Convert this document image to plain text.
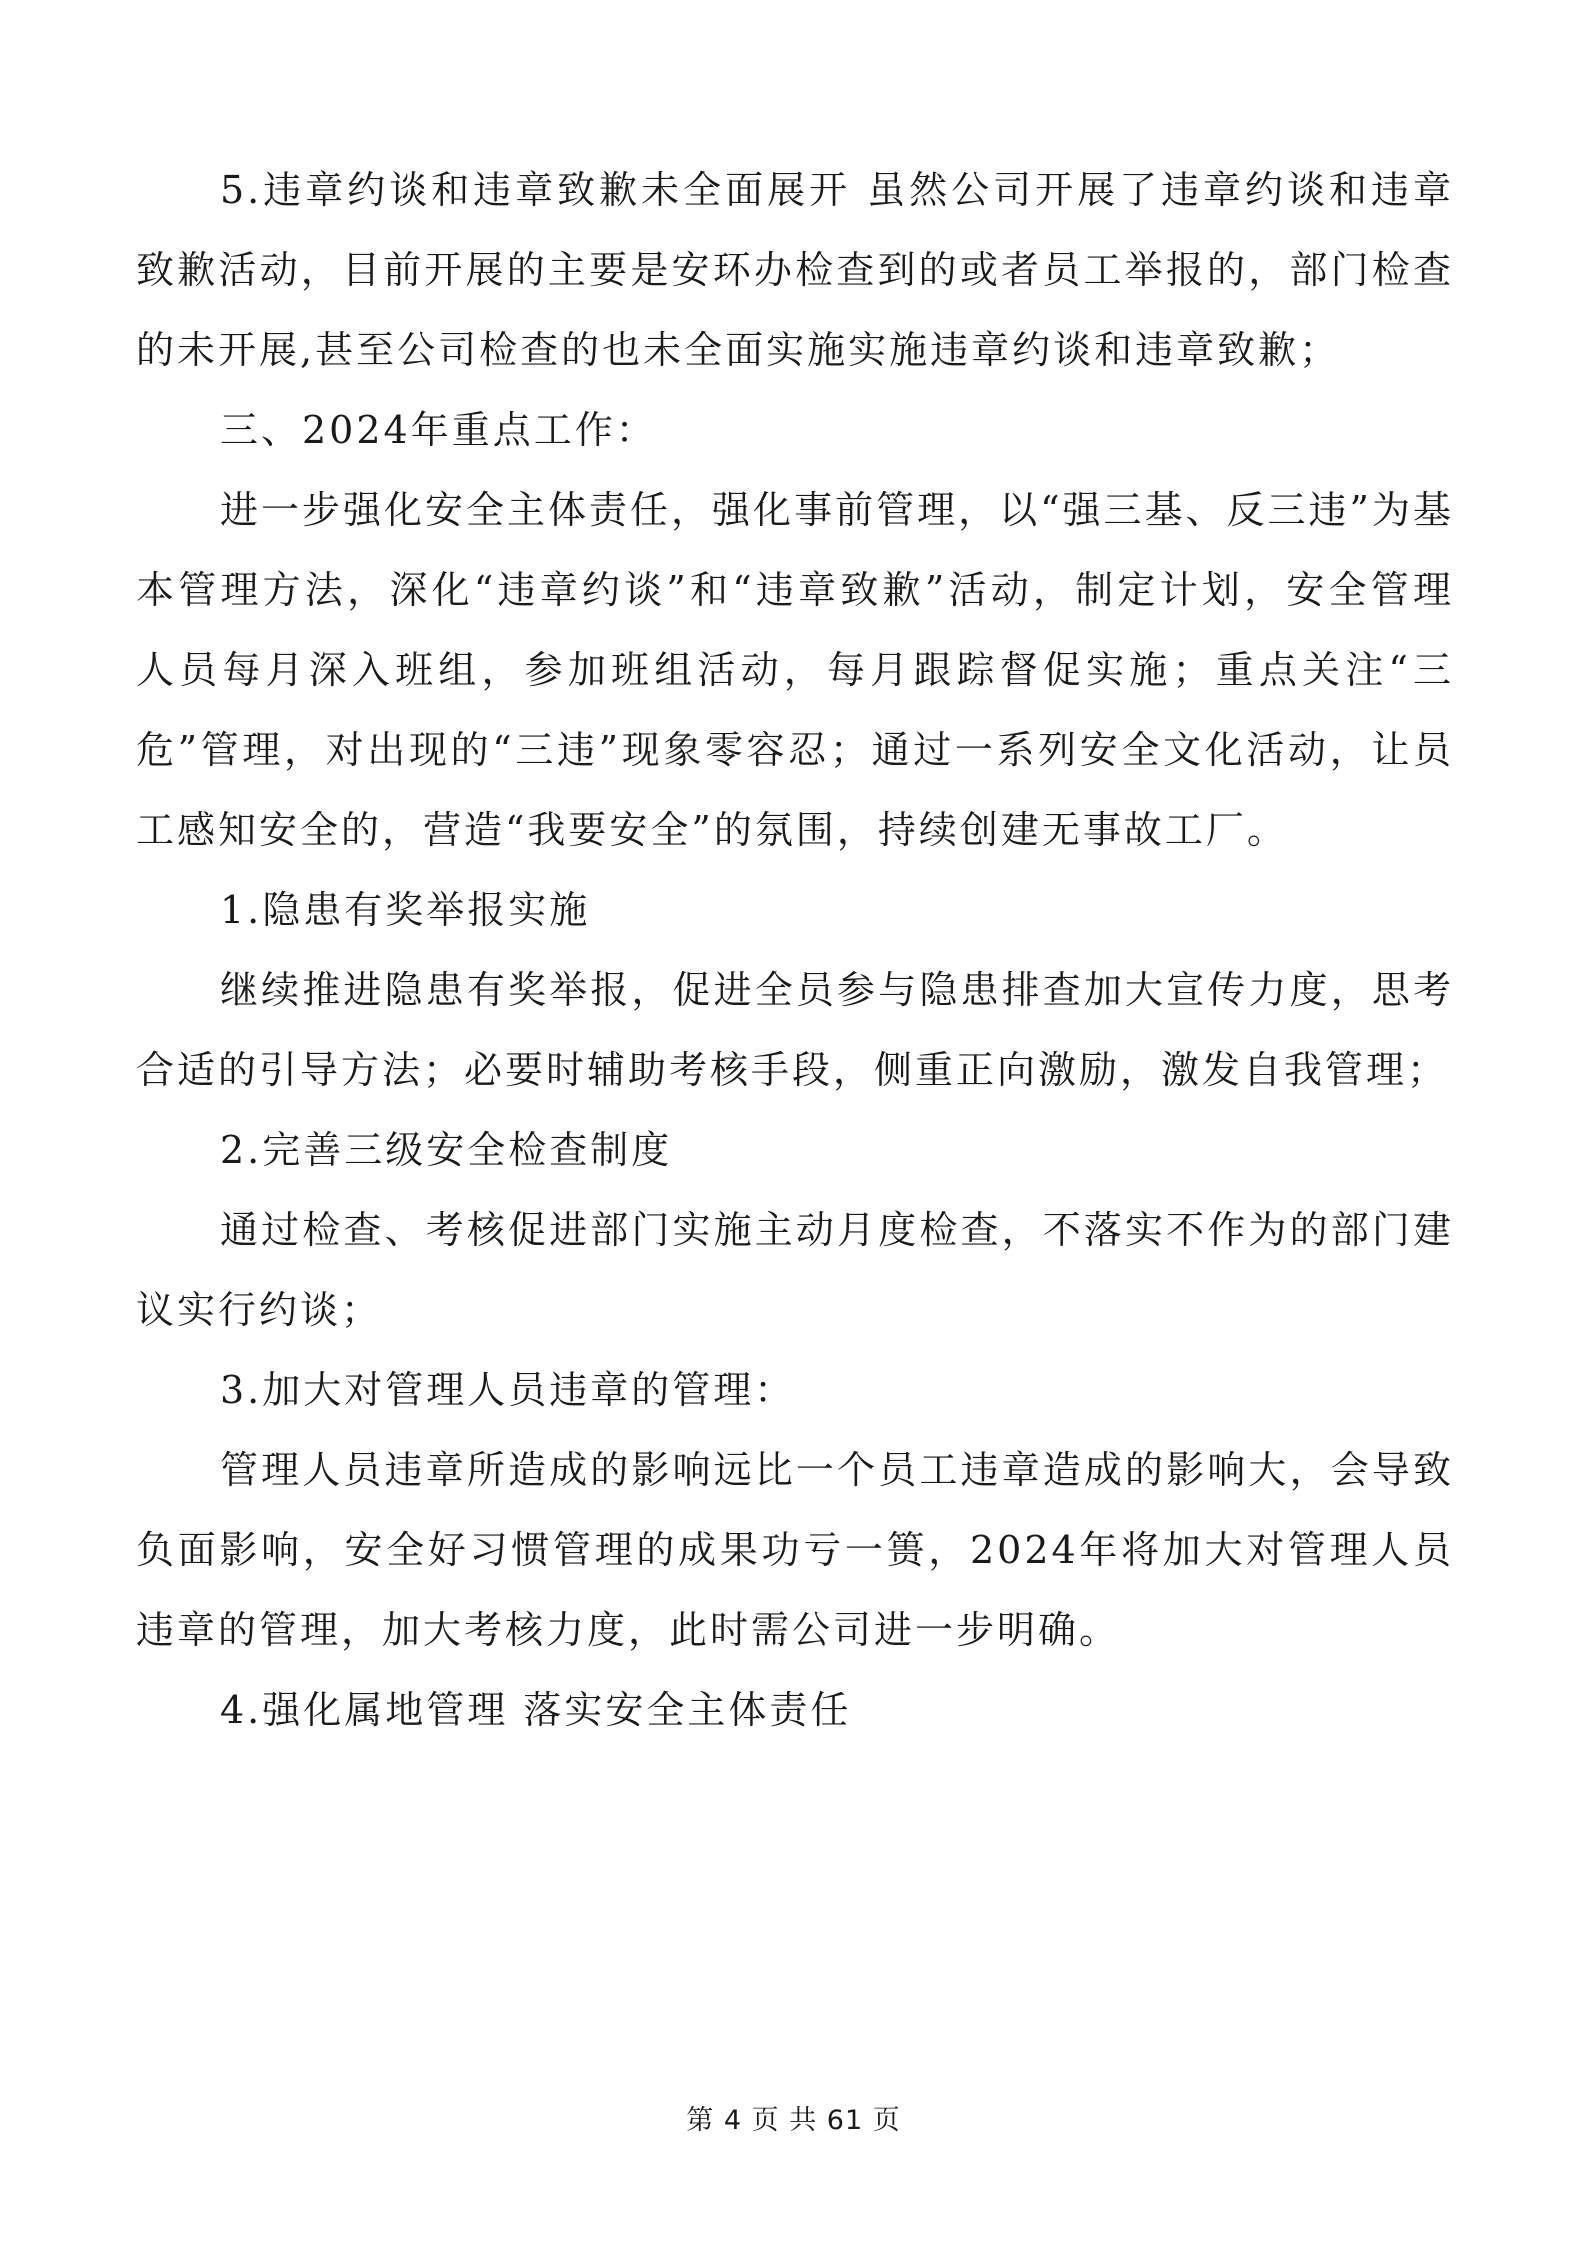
5.违章约谈和违章致歉未全面展开 虽然公司开展了违章约谈和违章致歉活动，目前开展的主要是安环办检查到的或者员工举报的，部门检查的未开展,甚至公司检查的也未全面实施实施违章约谈和违章致歉；

三、2024年重点工作：

进一步强化安全主体责任，强化事前管理，以“强三基、反三违”为基本管理方法，深化“违章约谈”和“违章致歉”活动，制定计划，安全管理人员每月深入班组，参加班组活动，每月跟踪督促实施；重点关注“三危”管理，对出现的“三违”现象零容忍；通过一系列安全文化活动，让员工感知安全的，营造“我要安全”的氛围，持续创建无事故工厂。

1.隐患有奖举报实施

继续推进隐患有奖举报，促进全员参与隐患排查加大宣传力度，思考合适的引导方法；必要时辅助考核手段，侧重正向激励，激发自我管理；

2.完善三级安全检查制度

通过检查、考核促进部门实施主动月度检查，不落实不作为的部门建议实行约谈；

3.加大对管理人员违章的管理：

管理人员违章所造成的影响远比一个员工违章造成的影响大，会导致负面影响，安全好习惯管理的成果功亏一篑，2024年将加大对管理人员违章的管理，加大考核力度，此时需公司进一步明确。

4.强化属地管理 落实安全主体责任

第 4 页 共 61 页
